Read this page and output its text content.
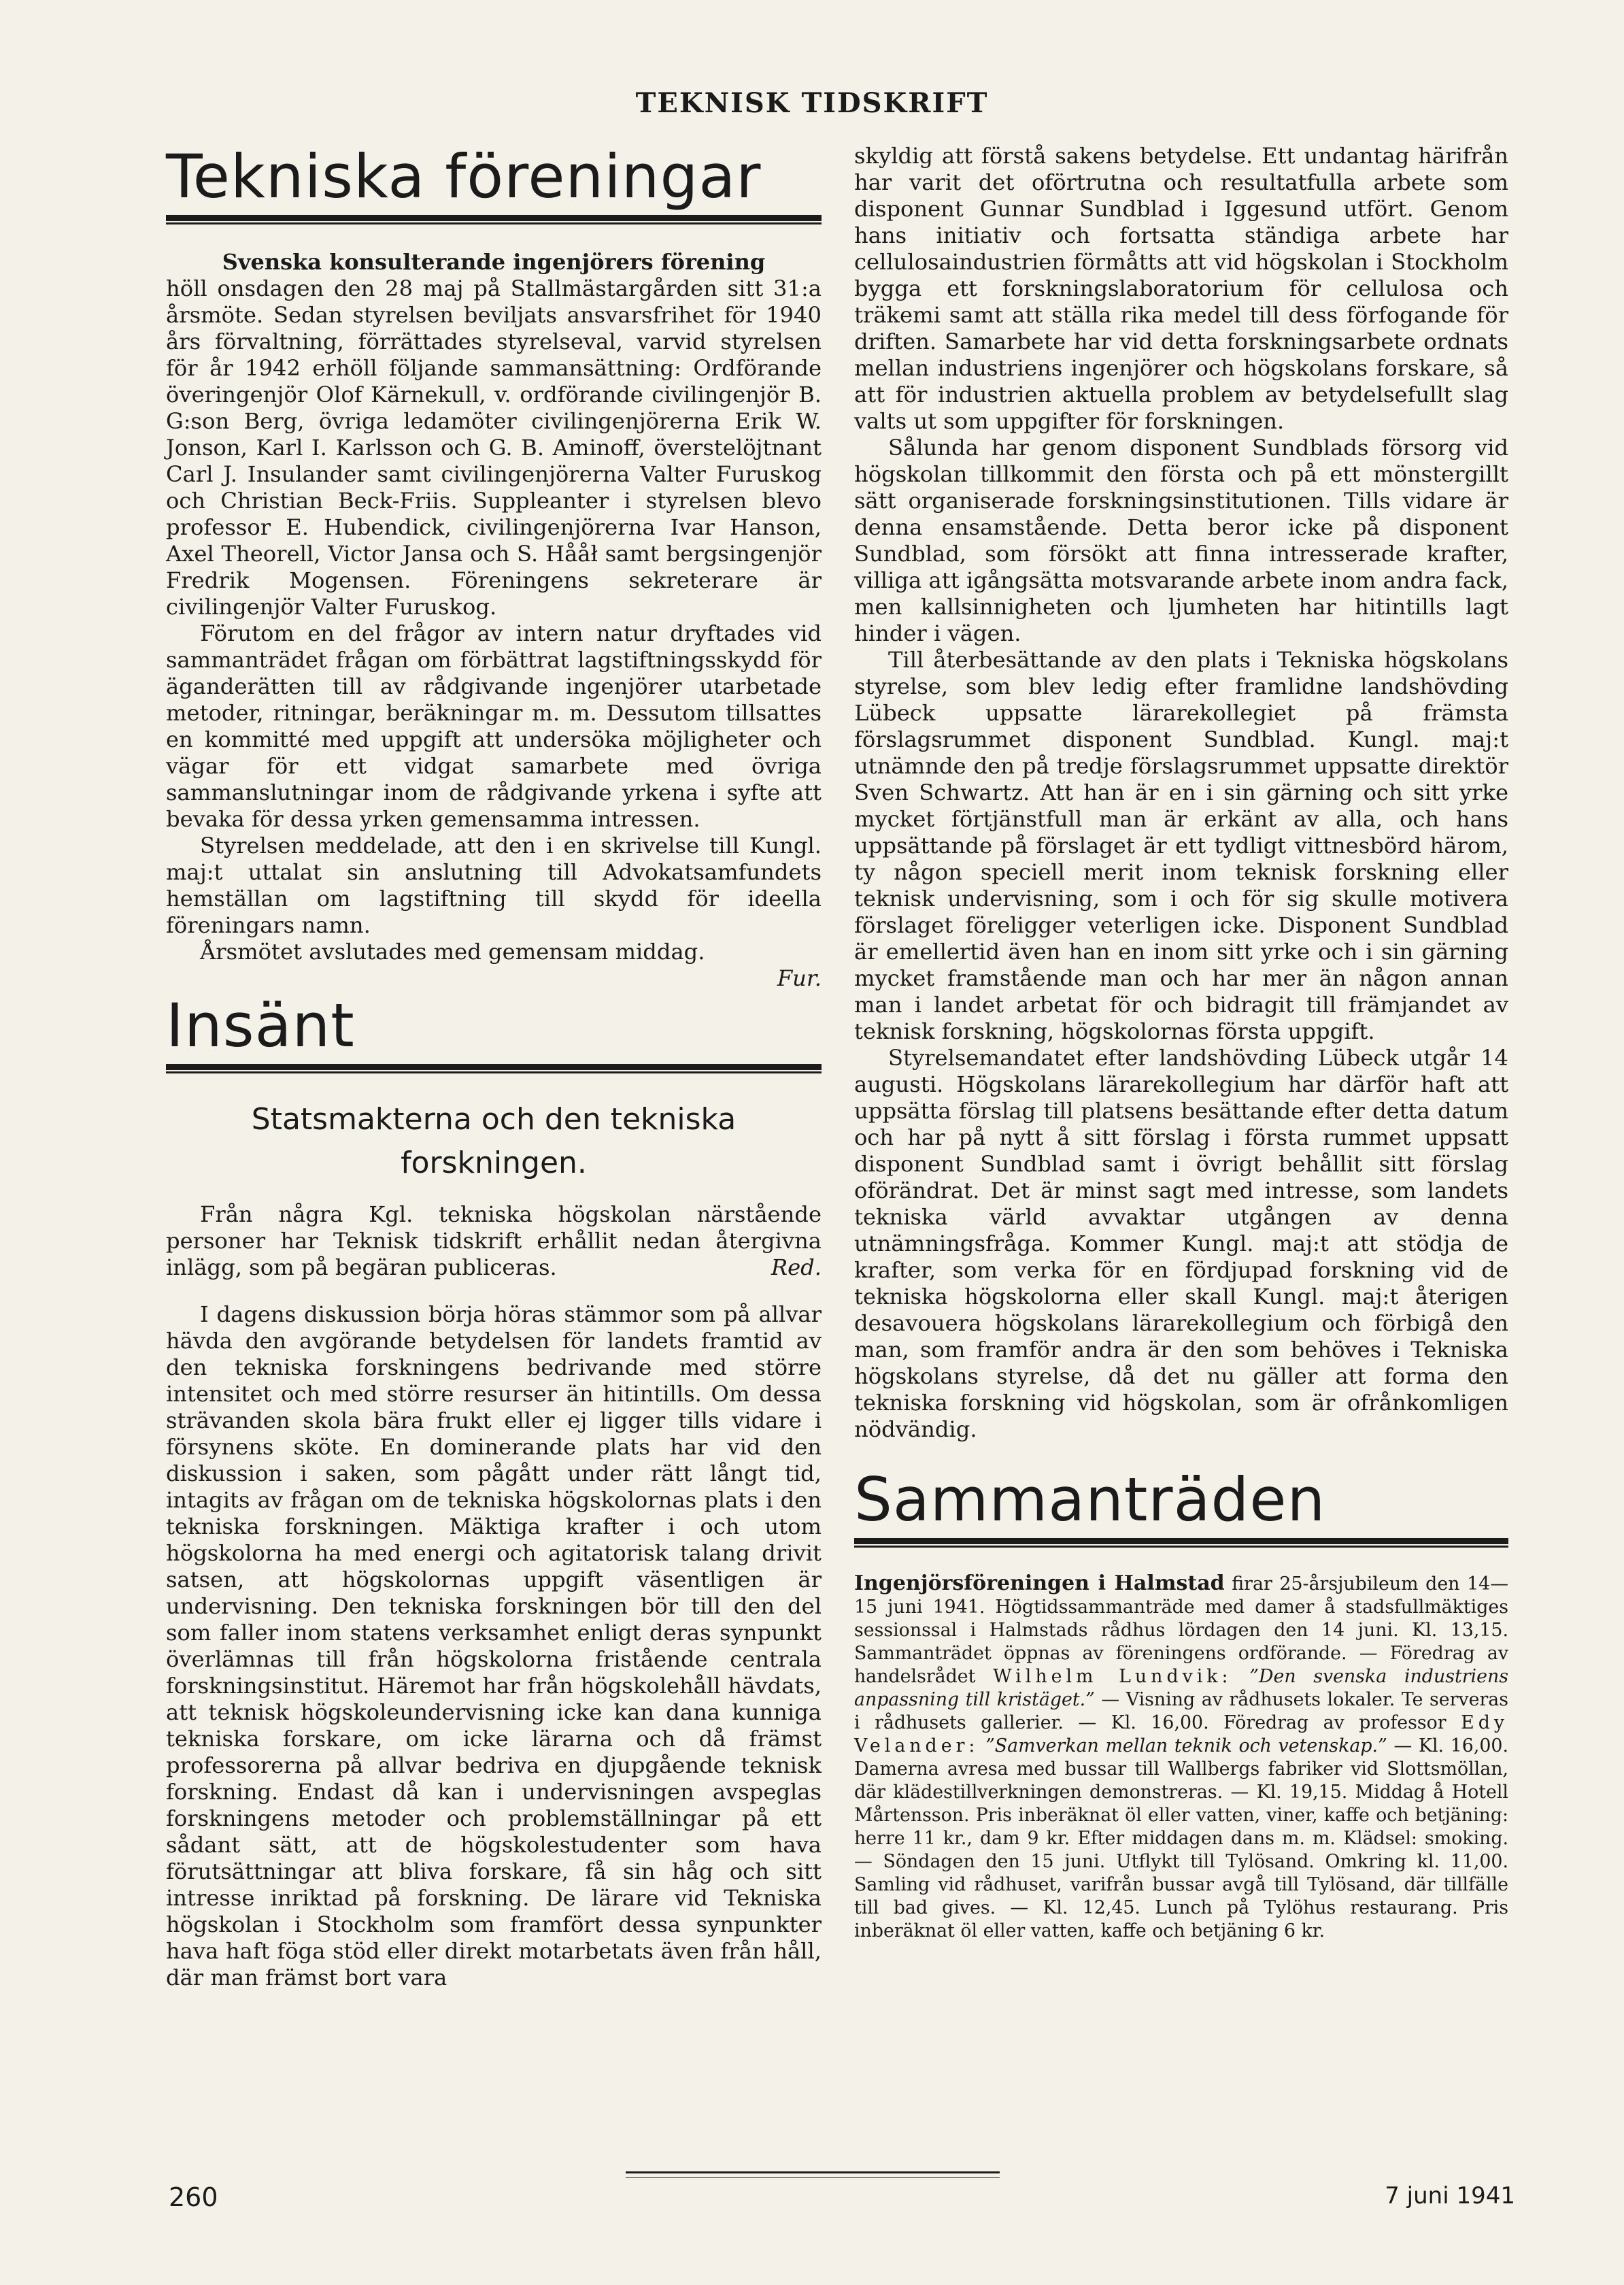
TEKNISK TIDSKRIFT
Tekniska föreningar

Svenska konsulterande ingenjörers förening

höll onsdagen den 28 maj på Stallmästargården sitt 31:a årsmöte. Sedan styrelsen beviljats ansvarsfrihet för 1940 års förvaltning, förrättades styrelseval, varvid styrelsen för år 1942 erhöll följande sammansättning: Ordförande överingenjör Olof Kärnekull, v. ordförande civilingenjör B. G:son Berg, övriga ledamöter civilingenjörerna Erik W. Jonson, Karl I. Karlsson och G. B. Aminoff, överstelöjtnant Carl J. Insulander samt civilingenjörerna Valter Furuskog och Christian Beck-Friis. Suppleanter i styrelsen blevo professor E. Hubendick, civilingenjörerna Ivar Hanson, Axel Theorell, Victor Jansa och S. Hååł samt bergsingenjör Fredrik Mogensen. Föreningens sekreterare är civilingenjör Valter Furuskog.

Förutom en del frågor av intern natur dryftades vid sammanträdet frågan om förbättrat lagstiftningsskydd för äganderätten till av rådgivande ingenjörer utarbetade metoder, ritningar, beräkningar m. m. Dessutom tillsattes en kommitté med uppgift att undersöka möjligheter och vägar för ett vidgat samarbete med övriga sammanslutningar inom de rådgivande yrkena i syfte att bevaka för dessa yrken gemensamma intressen.

Styrelsen meddelade, att den i en skrivelse till Kungl. maj:t uttalat sin anslutning till Advokatsamfundets hemställan om lagstiftning till skydd för ideella föreningars namn.

Årsmötet avslutades med gemensam middag.

Fur.

Insänt
Statsmakterna och den tekniska forskningen.

Från några Kgl. tekniska högskolan närstående personer har Teknisk tidskrift erhållit nedan återgivna inlägg, som på begäran publiceras.	Red.

I dagens diskussion börja höras stämmor som på allvar hävda den avgörande betydelsen för landets framtid av den tekniska forskningens bedrivande med större intensitet och med större resurser än hitintills. Om dessa strävanden skola bära frukt eller ej ligger tills vidare i försynens sköte. En dominerande plats har vid den diskussion i saken, som pågått under rätt långt tid, intagits av frågan om de tekniska högskolornas plats i den tekniska forskningen. Mäktiga krafter i och utom högskolorna ha med energi och agitatorisk talang drivit satsen, att högskolornas uppgift väsentligen är undervisning. Den tekniska forskningen bör till den del som faller inom statens verksamhet enligt deras synpunkt överlämnas till från högskolorna fristående centrala forskningsinstitut. Häremot har från högskolehåll hävdats, att teknisk högskoleundervisning icke kan dana kunniga tekniska forskare, om icke lärarna och då främst professorerna på allvar bedriva en djupgående teknisk forskning. Endast då kan i undervisningen avspeglas forskningens metoder och problemställningar på ett sådant sätt, att de högskolestudenter som hava förutsättningar att bliva forskare, få sin håg och sitt intresse inriktad på forskning. De lärare vid Tekniska högskolan i Stockholm som framfört dessa synpunkter hava haft föga stöd eller direkt motarbetats även från håll, där man främst bort vara

skyldig att förstå sakens betydelse. Ett undantag härifrån har varit det oförtrutna och resultatfulla arbete som disponent Gunnar Sundblad i Iggesund utfört. Genom hans initiativ och fortsatta ständiga arbete har cellulosaindustrien förmåtts att vid högskolan i Stockholm bygga ett forskningslaboratorium för cellulosa och träkemi samt att ställa rika medel till dess förfogande för driften. Samarbete har vid detta forskningsarbete ordnats mellan industriens ingenjörer och högskolans forskare, så att för industrien aktuella problem av betydelsefullt slag valts ut som uppgifter för forskningen.

Sålunda har genom disponent Sundblads försorg vid högskolan tillkommit den första och på ett mönstergillt sätt organiserade forskningsinstitutionen. Tills vidare är denna ensamstående. Detta beror icke på disponent Sundblad, som försökt att finna intresserade krafter, villiga att igångsätta motsvarande arbete inom andra fack, men kallsinnigheten och ljumheten har hitintills lagt hinder i vägen.

Till återbesättande av den plats i Tekniska högskolans styrelse, som blev ledig efter framlidne landshövding Lübeck uppsatte lärarekollegiet på främsta förslagsrummet disponent Sundblad. Kungl. maj:t utnämnde den på tredje förslagsrummet uppsatte direktör Sven Schwartz. Att han är en i sin gärning och sitt yrke mycket förtjänstfull man är erkänt av alla, och hans uppsättande på förslaget är ett tydligt vittnesbörd härom, ty någon speciell merit inom teknisk forskning eller teknisk undervisning, som i och för sig skulle motivera förslaget föreligger veterligen icke. Disponent Sundblad är emellertid även han en inom sitt yrke och i sin gärning mycket framstående man och har mer än någon annan man i landet arbetat för och bidragit till främjandet av teknisk forskning, högskolornas första uppgift.

Styrelsemandatet efter landshövding Lübeck utgår 14 augusti. Högskolans lärarekollegium har därför haft att uppsätta förslag till platsens besättande efter detta datum och har på nytt å sitt förslag i första rummet uppsatt disponent Sundblad samt i övrigt behållit sitt förslag oförändrat. Det är minst sagt med intresse, som landets tekniska värld avvaktar utgången av denna utnämningsfråga. Kommer Kungl. maj:t att stödja de krafter, som verka för en fördjupad forskning vid de tekniska högskolorna eller skall Kungl. maj:t återigen desavouera högskolans lärarekollegium och förbigå den man, som framför andra är den som behöves i Tekniska högskolans styrelse, då det nu gäller att forma den tekniska forskning vid högskolan, som är ofrånkomligen nödvändig.

Sammanträden

Ingenjörsföreningen i Halmstad firar 25-årsjubileum den 14—15 juni 1941. Högtidssammanträde med damer å stadsfullmäktiges sessionssal i Halmstads rådhus lördagen den 14 juni. Kl. 13,15. Sammanträdet öppnas av föreningens ordförande. — Föredrag av handelsrådet Wilhelm Lundvik: ”Den svenska industriens anpassning till kristäget.” — Visning av rådhusets lokaler. Te serveras i rådhusets gallerier. — Kl. 16,00. Föredrag av professor Edy Velander: ”Samverkan mellan teknik och vetenskap.” — Kl. 16,00. Damerna avresa med bussar till Wallbergs fabriker vid Slottsmöllan, där klädestillverkningen demonstreras. — Kl. 19,15. Middag å Hotell Mårtensson. Pris inberäknat öl eller vatten, viner, kaffe och betjäning: herre 11 kr., dam 9 kr. Efter middagen dans m. m. Klädsel: smoking. — Söndagen den 15 juni. Utflykt till Tylösand. Omkring kl. 11,00. Samling vid rådhuset, varifrån bussar avgå till Tylösand, där tillfälle till bad gives. — Kl. 12,45. Lunch på Tylöhus restaurang. Pris inberäknat öl eller vatten, kaffe och betjäning 6 kr.

260	7 juni 1941
